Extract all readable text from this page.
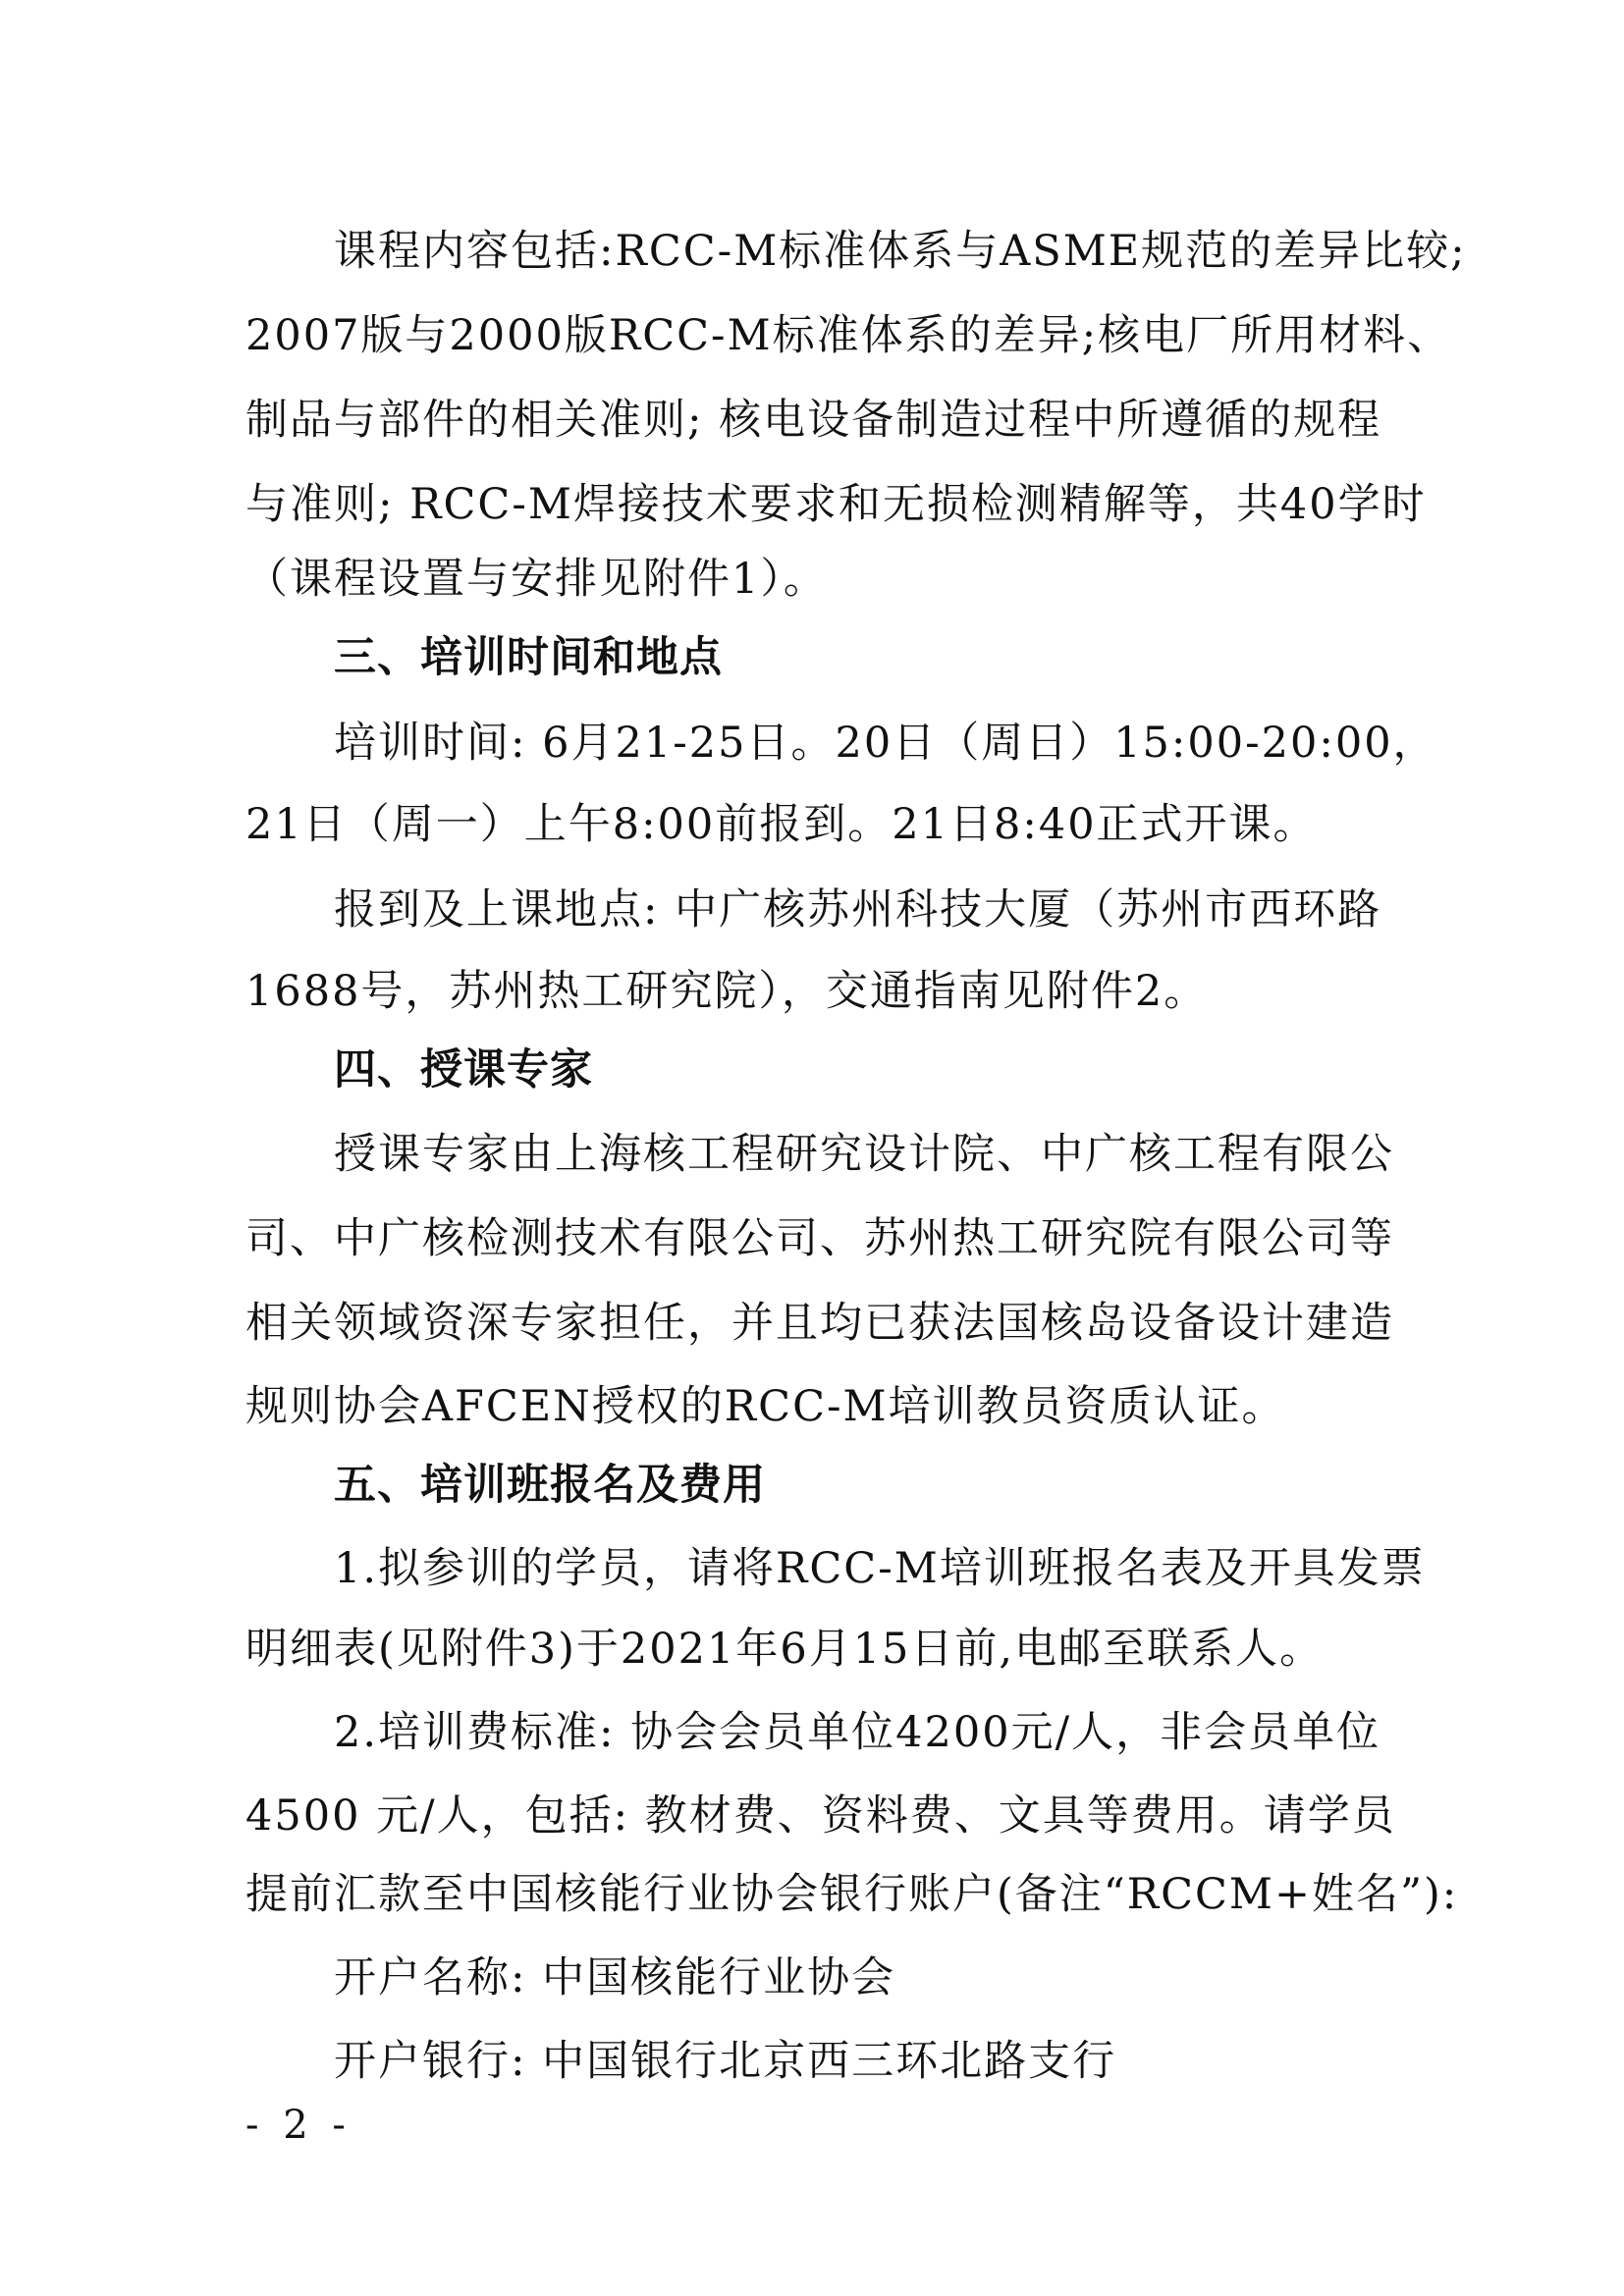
课程内容包括:RCC-M标准体系与ASME规范的差异比较;
2007版与2000版RCC-M标准体系的差异;核电厂所用材料、
制品与部件的相关准则; 核电设备制造过程中所遵循的规程
与准则; RCC-M焊接技术要求和无损检测精解等，共40学时
（课程设置与安排见附件1）。
三、培训时间和地点
培训时间: 6月21-25日。20日（周日）15:00-20:00，
21日（周一）上午8:00前报到。21日8:40正式开课。
报到及上课地点: 中广核苏州科技大厦（苏州市西环路
1688号，苏州热工研究院），交通指南见附件2。
四、授课专家
授课专家由上海核工程研究设计院、中广核工程有限公
司、中广核检测技术有限公司、苏州热工研究院有限公司等
相关领域资深专家担任，并且均已获法国核岛设备设计建造
规则协会AFCEN授权的RCC-M培训教员资质认证。
五、培训班报名及费用
1.拟参训的学员，请将RCC-M培训班报名表及开具发票
明细表(见附件3)于2021年6月15日前,电邮至联系人。
2.培训费标准: 协会会员单位4200元/人，非会员单位
4500 元/人，包括: 教材费、资料费、文具等费用。请学员
提前汇款至中国核能行业协会银行账户(备注“RCCM+姓名”):
开户名称: 中国核能行业协会
开户银行: 中国银行北京西三环北路支行
- 2 -
